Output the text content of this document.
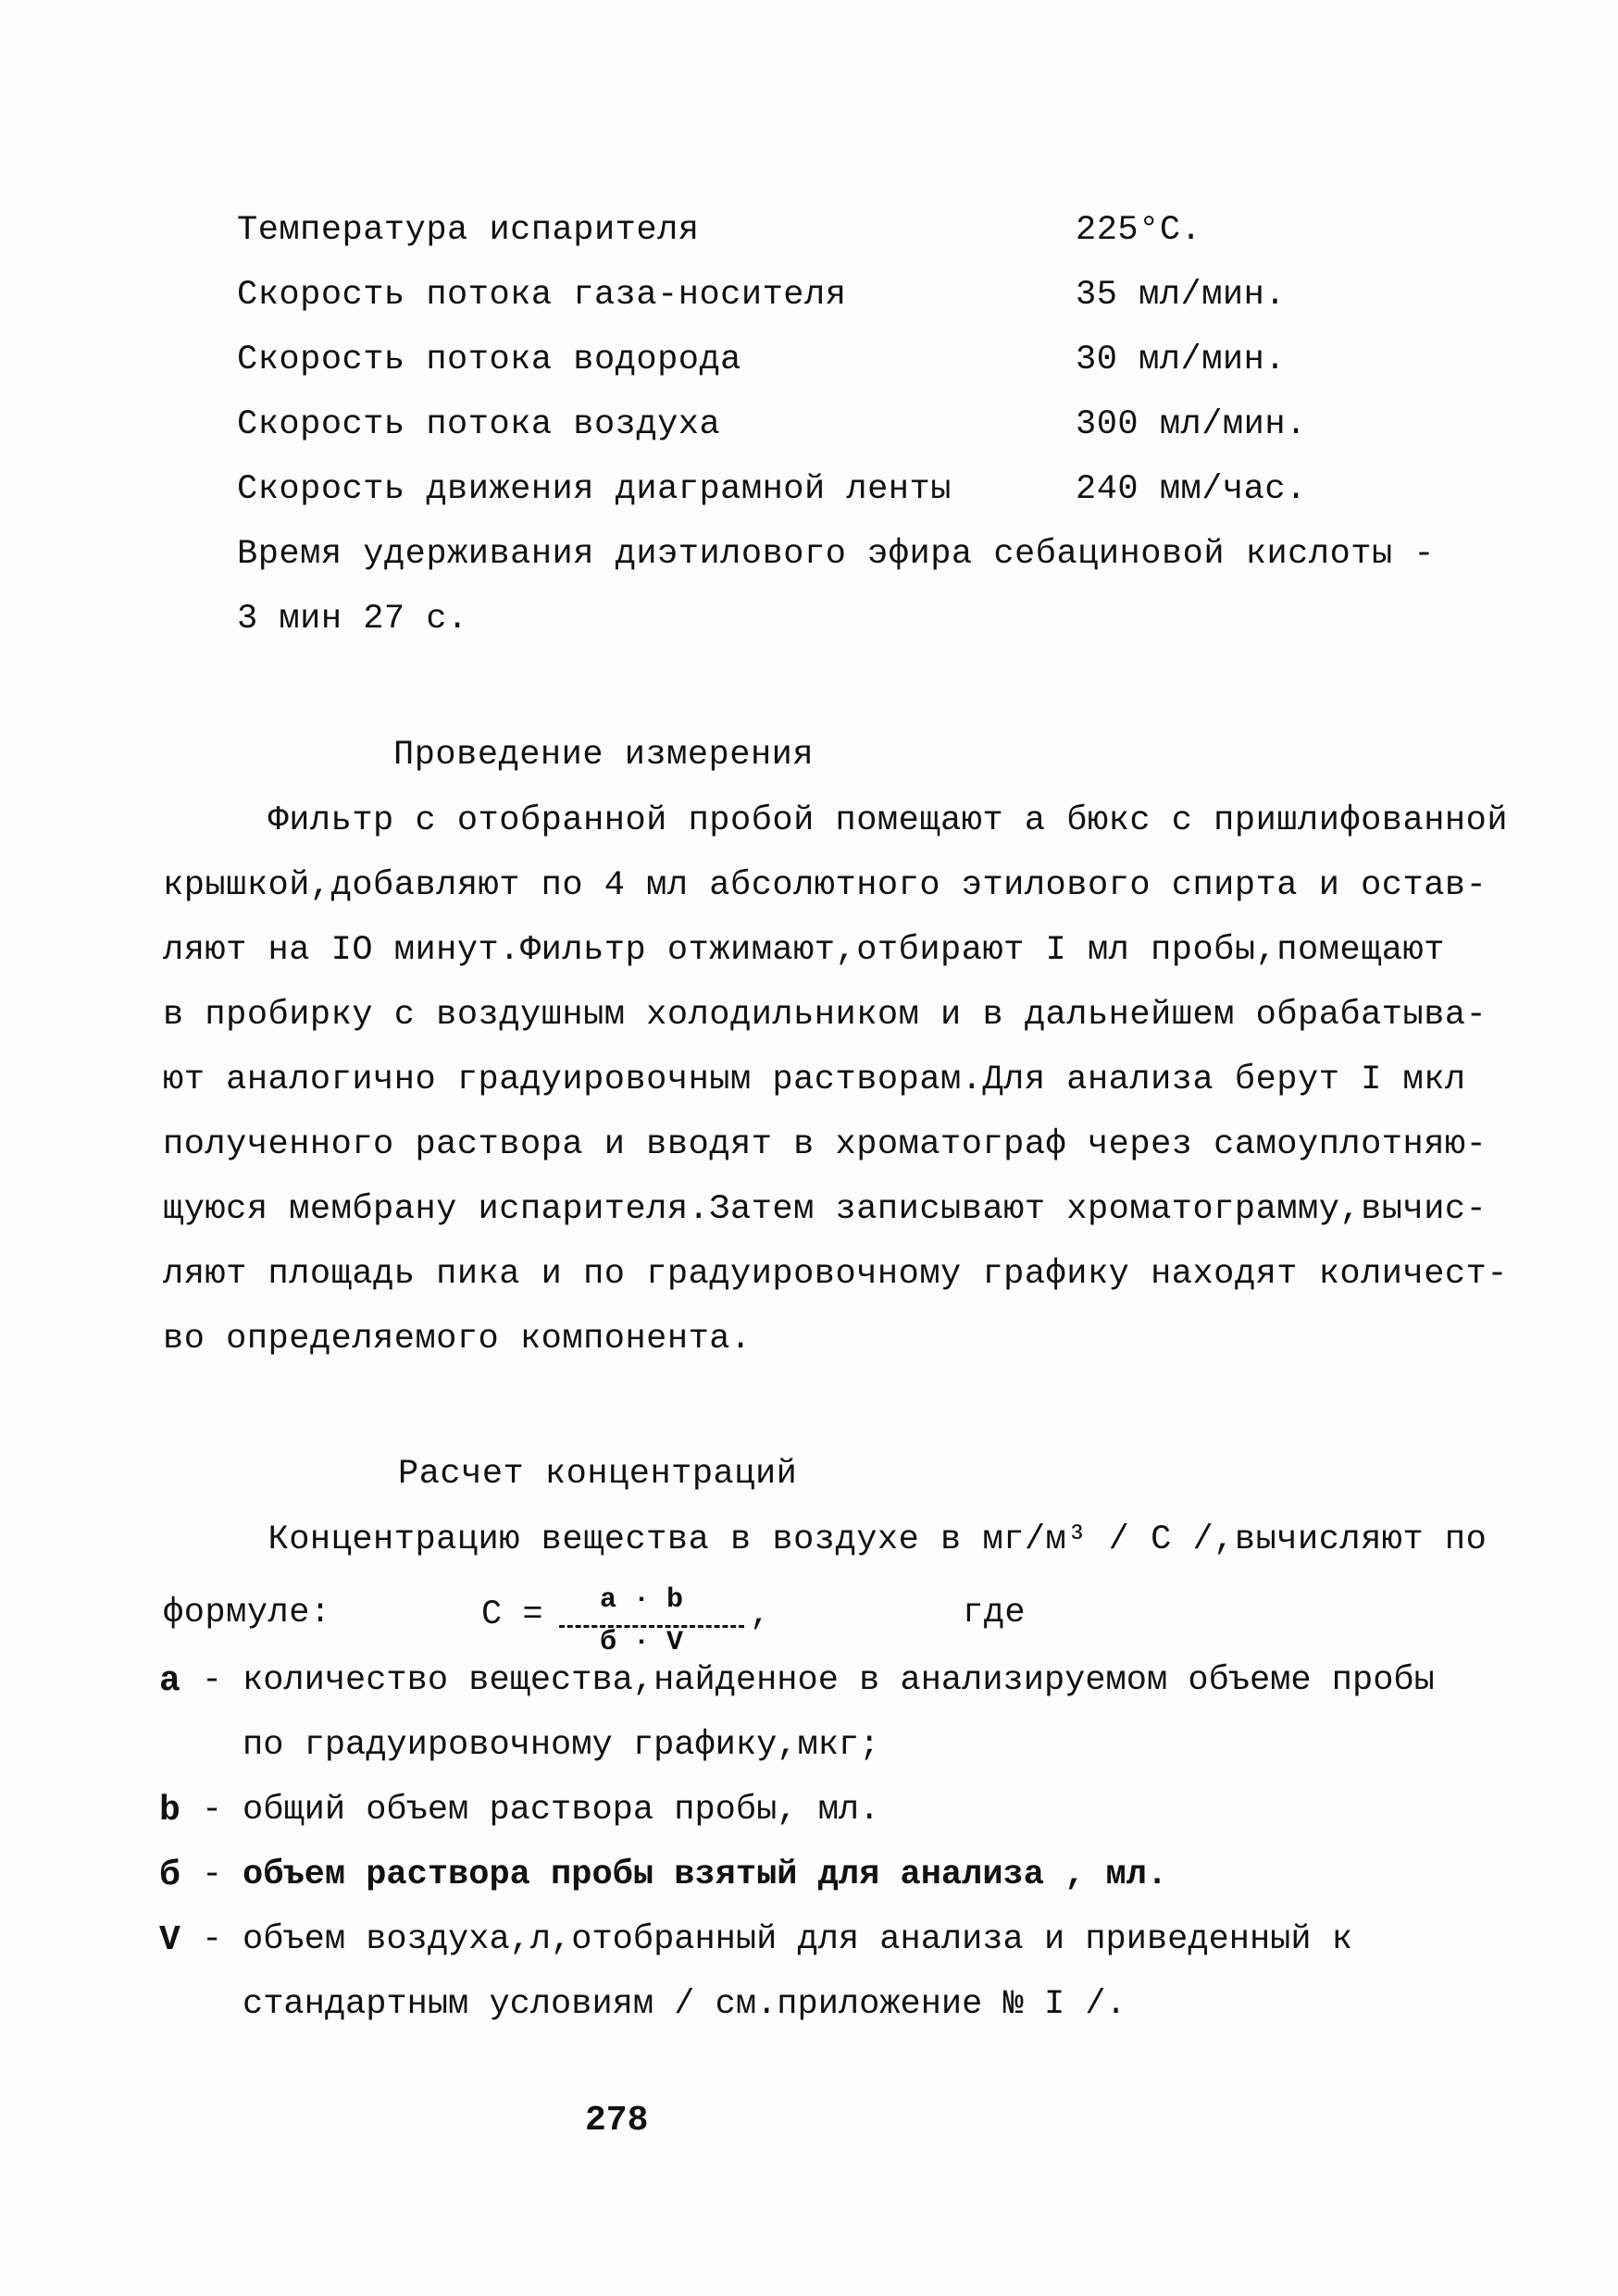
Температура испарителя	225°С.
Скорость потока газа-носителя	35 мл/мин.
Скорость потока водорода	30 мл/мин.
Скорость потока воздуха	300 мл/мин.
Скорость движения диаграмной ленты	240 мм/час.
Время удерживания диэтилового эфира себациновой кислоты -
3 мин 27 с.
Проведение измерения
Фильтр с отобранной пробой помещают а бюкс с пришлифованной
крышкой,добавляют по 4 мл абсолютного этилового спирта и остав-
ляют на IO минут.Фильтр отжимают,отбирают I мл пробы,помещают
в пробирку с воздушным холодильником и в дальнейшем обрабатыва-
ют аналогично градуировочным растворам.Для анализа берут I мкл
полученного раствора и вводят в хроматограф через самоуплотняю-
щуюся мембрану испарителя.Затем записывают хроматограмму,вычис-
ляют площадь пика и по градуировочному графику находят количест-
во определяемого компонента.
Расчет концентраций
Концентрацию вещества в воздухе в мг/м³ / С /,вычисляют по
формуле:	С = a · b
б · V
,	где
a - количество вещества,найденное в анализируемом объеме пробы
по градуировочному графику,мкг;
b - общий объем раствора пробы, мл.
б - объем раствора пробы взятый для анализа , мл.
V - объем воздуха,л,отобранный для анализа и приведенный к
стандартным условиям / см.приложение № I /.
278
